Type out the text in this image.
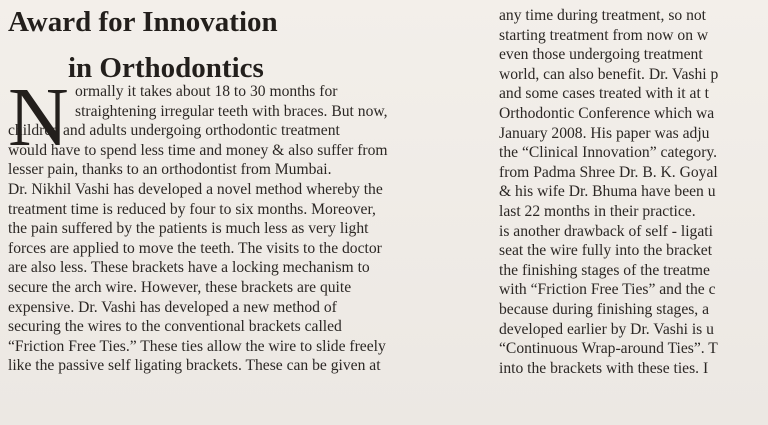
Award for Innovation
in Orthodontics
N ormally it takes about 18 to 30 months for
straightening irregular teeth with braces. But now,
children and adults undergoing orthodontic treatment
would have to spend less time and money & also suffer from
lesser pain, thanks to an orthodontist from Mumbai.
Dr. Nikhil Vashi has developed a novel method whereby the
treatment time is reduced by four to six months. Moreover,
the pain suffered by the patients is much less as very light
forces are applied to move the teeth. The visits to the doctor
are also less. These brackets have a locking mechanism to
secure the arch wire. However, these brackets are quite
expensive. Dr. Vashi has developed a new method of
securing the wires to the conventional brackets called
“Friction Free Ties.” These ties allow the wire to slide freely
like the passive self ligating brackets. These can be given at
any time during treatment, so not
starting treatment from now on w
even those undergoing treatment
world, can also benefit. Dr. Vashi p
and some cases treated with it at t
Orthodontic Conference which wa
January 2008. His paper was adju
the “Clinical Innovation” category.
from Padma Shree Dr. B. K. Goyal
& his wife Dr. Bhuma have been u
last 22 months in their practice.
is another drawback of self - ligati
seat the wire fully into the bracket
the finishing stages of the treatme
with “Friction Free Ties” and the c
because during finishing stages, a
developed earlier by Dr. Vashi is u
“Continuous Wrap-around Ties”. T
into the brackets with these ties. I
